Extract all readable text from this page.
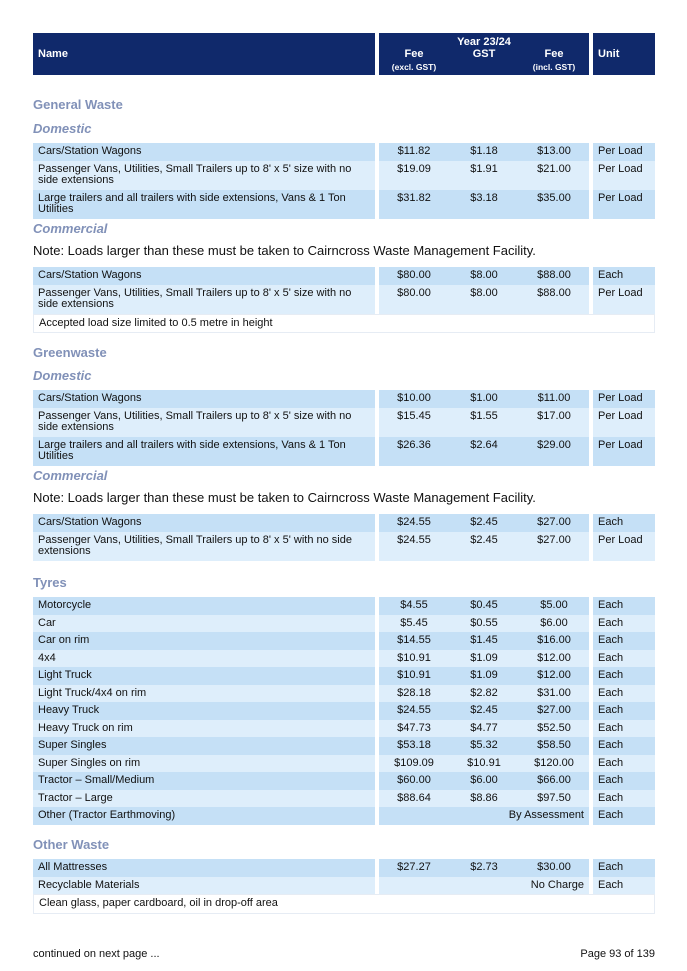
Name
Year 23/24
Fee
(excl. GST)
GST	Fee
(incl. GST)
Unit
General Waste
Domestic
Cars/Station Wagons	$11.82	$1.18	$13.00	Per Load
Passenger Vans, Utilities, Small Trailers up to 8' x 5' size with no side extensions
$19.09	$1.91	$21.00	Per Load
Large trailers and all trailers with side extensions, Vans & 1 Ton Utilities
$31.82	$3.18	$35.00	Per Load
Commercial
Note: Loads larger than these must be taken to Cairncross Waste Management Facility.
Cars/Station Wagons	$80.00	$8.00	$88.00	Each
Passenger Vans, Utilities, Small Trailers up to 8' x 5' size with no side extensions
$80.00	$8.00	$88.00	Per Load
Accepted load size limited to 0.5 metre in height
Greenwaste
Domestic
Cars/Station Wagons	$10.00	$1.00	$11.00	Per Load
Passenger Vans, Utilities, Small Trailers up to 8' x 5' size with no side extensions
$15.45	$1.55	$17.00	Per Load
Large trailers and all trailers with side extensions, Vans & 1 Ton Utilities
$26.36	$2.64	$29.00	Per Load
Commercial
Note: Loads larger than these must be taken to Cairncross Waste Management Facility.
Cars/Station Wagons	$24.55	$2.45	$27.00	Each
Passenger Vans, Utilities, Small Trailers up to 8' x 5' with no side extensions
$24.55	$2.45	$27.00	Per Load
Tyres
Motorcycle	$4.55	$0.45	$5.00	Each
Car	$5.45	$0.55	$6.00	Each
Car on rim	$14.55	$1.45	$16.00	Each
4x4	$10.91	$1.09	$12.00	Each
Light Truck	$10.91	$1.09	$12.00	Each
Light Truck/4x4 on rim	$28.18	$2.82	$31.00	Each
Heavy Truck	$24.55	$2.45	$27.00	Each
Heavy Truck on rim	$47.73	$4.77	$52.50	Each
Super Singles	$53.18	$5.32	$58.50	Each
Super Singles on rim	$109.09	$10.91	$120.00	Each
Tractor – Small/Medium	$60.00	$6.00	$66.00	Each
Tractor – Large	$88.64	$8.86	$97.50	Each
Other (Tractor Earthmoving)	By Assessment	Each
Other Waste
All Mattresses	$27.27	$2.73	$30.00	Each
Recyclable Materials	No Charge	Each
Clean glass, paper cardboard, oil in drop-off area
continued on next page ...	Page 93 of 139
